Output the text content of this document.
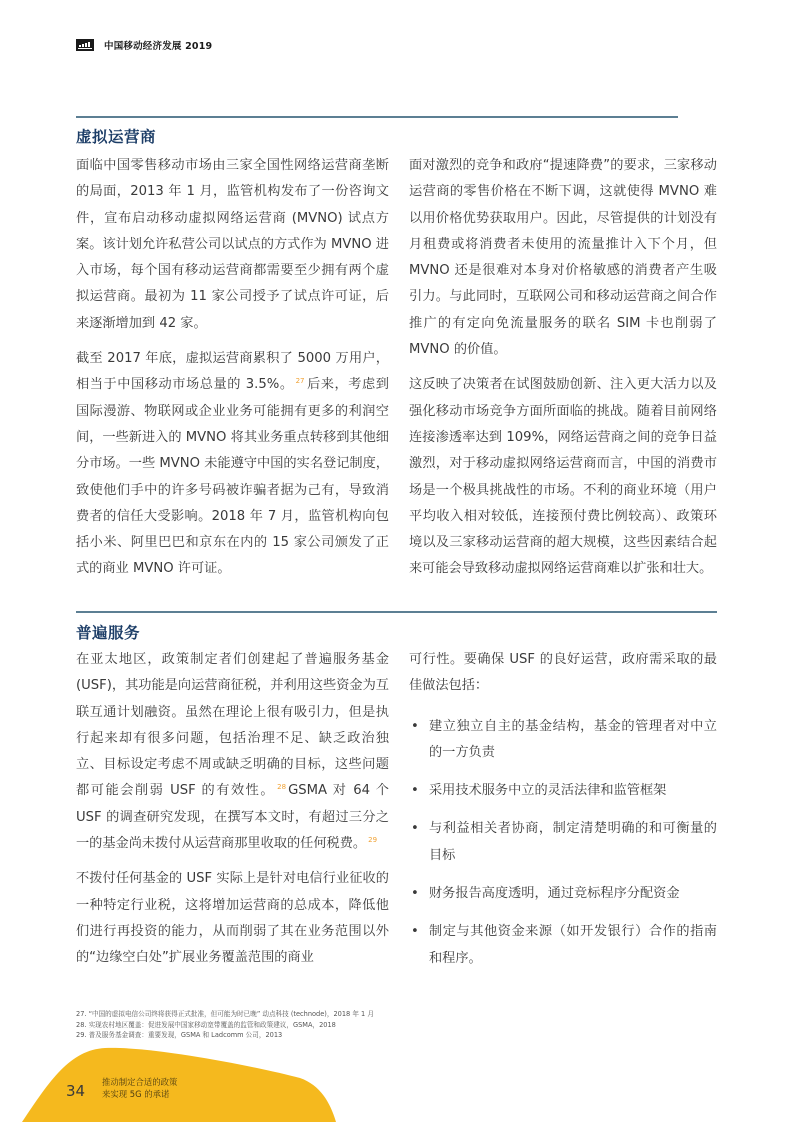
中国移动经济发展 2019
虚拟运营商

面临中国零售移动市场由三家全国性网络运营商垄断的局面，2013 年 1 月，监管机构发布了一份咨询文件，宣布启动移动虚拟网络运营商 (MVNO) 试点方案。该计划允许私营公司以试点的方式作为 MVNO 进入市场，每个国有移动运营商都需要至少拥有两个虚拟运营商。最初为 11 家公司授予了试点许可证，后来逐渐增加到 42 家。

截至 2017 年底，虚拟运营商累积了 5000 万用户，相当于中国移动市场总量的 3.5%。 $^{27}$ 后来，考虑到国际漫游、物联网或企业业务可能拥有更多的利润空间，一些新进入的 MVNO 将其业务重点转移到其他细分市场。一些 MVNO 未能遵守中国的实名登记制度，致使他们手中的许多号码被诈骗者据为己有，导致消费者的信任大受影响。2018 年 7 月，监管机构向包括小米、阿里巴巴和京东在内的 15 家公司颁发了正式的商业 MVNO 许可证。

面对激烈的竞争和政府“提速降费”的要求，三家移动运营商的零售价格在不断下调，这就使得 MVNO 难以用价格优势获取用户。因此，尽管提供的计划没有月租费或将消费者未使用的流量推计入下个月，但 MVNO 还是很难对本身对价格敏感的消费者产生吸引力。与此同时，互联网公司和移动运营商之间合作推广的有定向免流量服务的联名 SIM 卡也削弱了 MVNO 的价值。

这反映了决策者在试图鼓励创新、注入更大活力以及强化移动市场竞争方面所面临的挑战。随着目前网络连接渗透率达到 109%，网络运营商之间的竞争日益激烈，对于移动虚拟网络运营商而言，中国的消费市场是一个极具挑战性的市场。不利的商业环境（用户平均收入相对较低，连接预付费比例较高）、政策环境以及三家移动运营商的超大规模，这些因素结合起来可能会导致移动虚拟网络运营商难以扩张和壮大。

普遍服务

在亚太地区，政策制定者们创建起了普遍服务基金 (USF)，其功能是向运营商征税，并利用这些资金为互联互通计划融资。虽然在理论上很有吸引力，但是执行起来却有很多问题，包括治理不足、缺乏政治独立、目标设定考虑不周或缺乏明确的目标，这些问题都可能会削弱 USF 的有效性。 $^{28}$ GSMA 对 64 个 USF 的调查研究发现，在撰写本文时，有超过三分之一的基金尚未拨付从运营商那里收取的任何税费。 $^{29}$

不拨付任何基金的 USF 实际上是针对电信行业征收的一种特定行业税，这将增加运营商的总成本，降低他们进行再投资的能力，从而削弱了其在业务范围以外的“边缘空白处”扩展业务覆盖范围的商业

可行性。要确保 USF 的良好运营，政府需采取的最佳做法包括：

• 建立独立自主的基金结构，基金的管理者对中立的一方负责
• 采用技术服务中立的灵活法律和监管框架
• 与利益相关者协商，制定清楚明确的和可衡量的目标
• 财务报告高度透明，通过竞标程序分配资金
• 制定与其他资金来源（如开发银行）合作的指南和程序。
27. “中国的虚拟电信公司终将获得正式批准，但可能为时已晚” 动点科技 (technode)，2018 年 1 月
28. 实现农村地区覆盖：促进发展中国家移动宽带覆盖的监管和政策建议，GSMA，2018
29. 普及服务基金调查：重要发现，GSMA 和 Ladcomm 公司，2013
34 推动制定合适的政策
来实现 5G 的承诺
